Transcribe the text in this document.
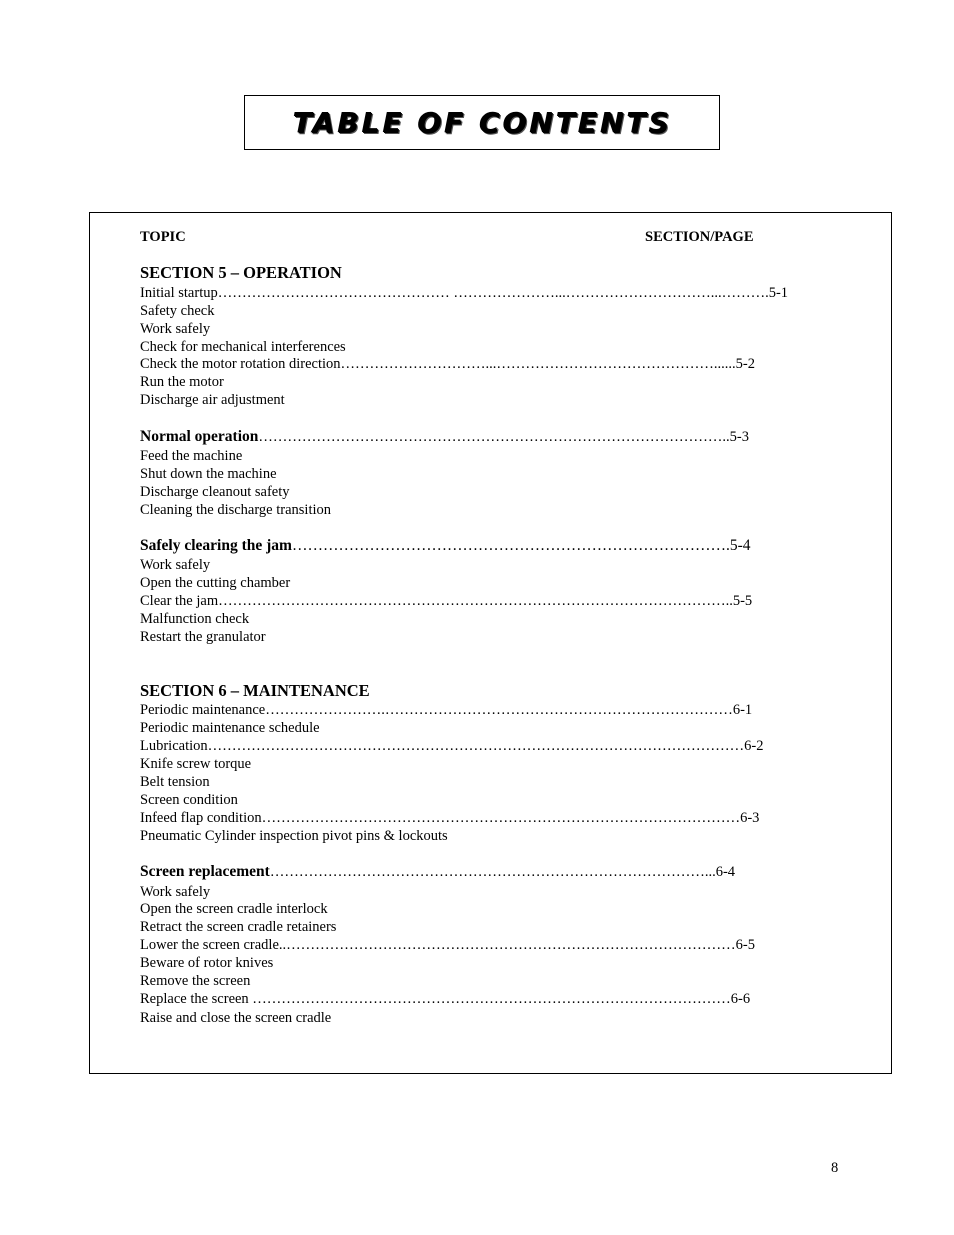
TABLE OF CONTENTS
TOPIC	SECTION/PAGE
SECTION 5 – OPERATION
Initial startup………………………………………… …………………...…………………………...……….5-1
Safety check
Work safely
Check for mechanical interferences
Check the motor rotation direction…………………………...………………………………………......5-2
Run the motor
Discharge air adjustment
Normal operation……………………………………………………………………………………..5-3
Feed the machine
Shut down the machine
Discharge cleanout safety
Cleaning the discharge transition
Safely clearing the jam………………………………………………………………………….5-4
Work safely
Open the cutting chamber
Clear the jam……………………………………………………………………………………………..5-5
Malfunction check
Restart the granulator
SECTION 6 – MAINTENANCE
Periodic maintenance…………………….………………………………………………………………6-1
Periodic maintenance schedule
Lubrication…………………………………………………………………………………………………6-2
Knife screw torque
Belt tension
Screen condition
Infeed flap condition………………………………………………………………………………………6-3
Pneumatic Cylinder inspection pivot pins & lockouts
Screen replacement………………………………………………………………………………...6-4
Work safely
Open the screen cradle interlock
Retract the screen cradle retainers
Lower the screen cradle..…………………………………………………………………………………6-5
Beware of rotor knives
Remove the screen
Replace the screen ………………………………………………………………………………………6-6
Raise and close the screen cradle
8
